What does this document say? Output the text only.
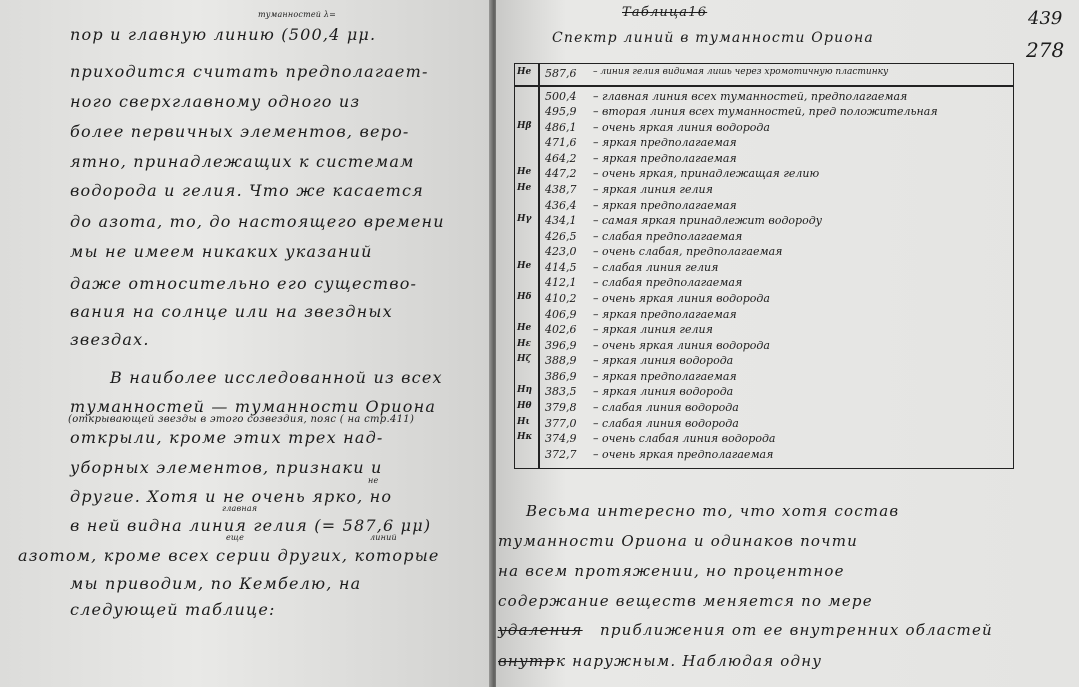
туманностей λ=
пор и главную линию (500,4 μμ.
приходится считать предполагает-
ного сверхглавному одного из
более первичных элементов, веро-
ятно, принадлежащих к системам
водорода и гелия. Что же касается
до азота, то, до настоящего времени
мы не имеем никаких указаний
даже относительно его существо-
вания на солнце или на звездных
звездах.
В наиболее исследованной из всех
туманностей — туманности Ориона
(открывающей звезды в этого созвездия, пояс ( на стр.411)
открыли, кроме этих трех над-
уборных элементов, признаки и
не
другие. Хотя и не очень ярко, но
главная
в ней видна линия гелия (= 587,6 μμ)
еще	линий
азотом, кроме всех серии других, которые
мы приводим, по Кембелю, на
следующей таблице:
Таблица16
Спектр линий в туманности Ориона
439
278
He	587,6 – линия гелия видимая лишь через хромотичную пластинку
500,4 – главная линия всех туманностей, предполагаемая
495,9 – вторая линия всех туманностей, пред положительная
Hβ	486,1 – очень яркая линия водорода
471,6 – яркая предполагаемая
464,2 – яркая предполагаемая
He	447,2 – очень яркая, принадлежащая гелию
He	438,7 – яркая линия гелия
436,4 – яркая предполагаемая
Hγ	434,1 – самая яркая принадлежит водороду
426,5 – слабая предполагаемая
423,0 – очень слабая, предполагаемая
He	414,5 – слабая линия гелия
412,1 – слабая предполагаемая
Hδ	410,2 – очень яркая линия водорода
406,9 – яркая предполагаемая
He	402,6 – яркая линия гелия
Hε	396,9 – очень яркая линия водорода
Hζ	388,9 – яркая линия водорода
386,9 – яркая предполагаемая
Hη	383,5 – яркая линия водорода
Hθ	379,8 – слабая линия водорода
Hι	377,0 – слабая линия водорода
Hκ	374,9 – очень слабая линия водорода
372,7 – очень яркая предполагаемая
Весьма интересно то, что хотя состав
туманности Ориона и одинаков почти
на всем протяжении, но процентное
содержание веществ меняется по мере
удаления приближения от ее внутренних областей
внутр к наружным. Наблюдая одну
